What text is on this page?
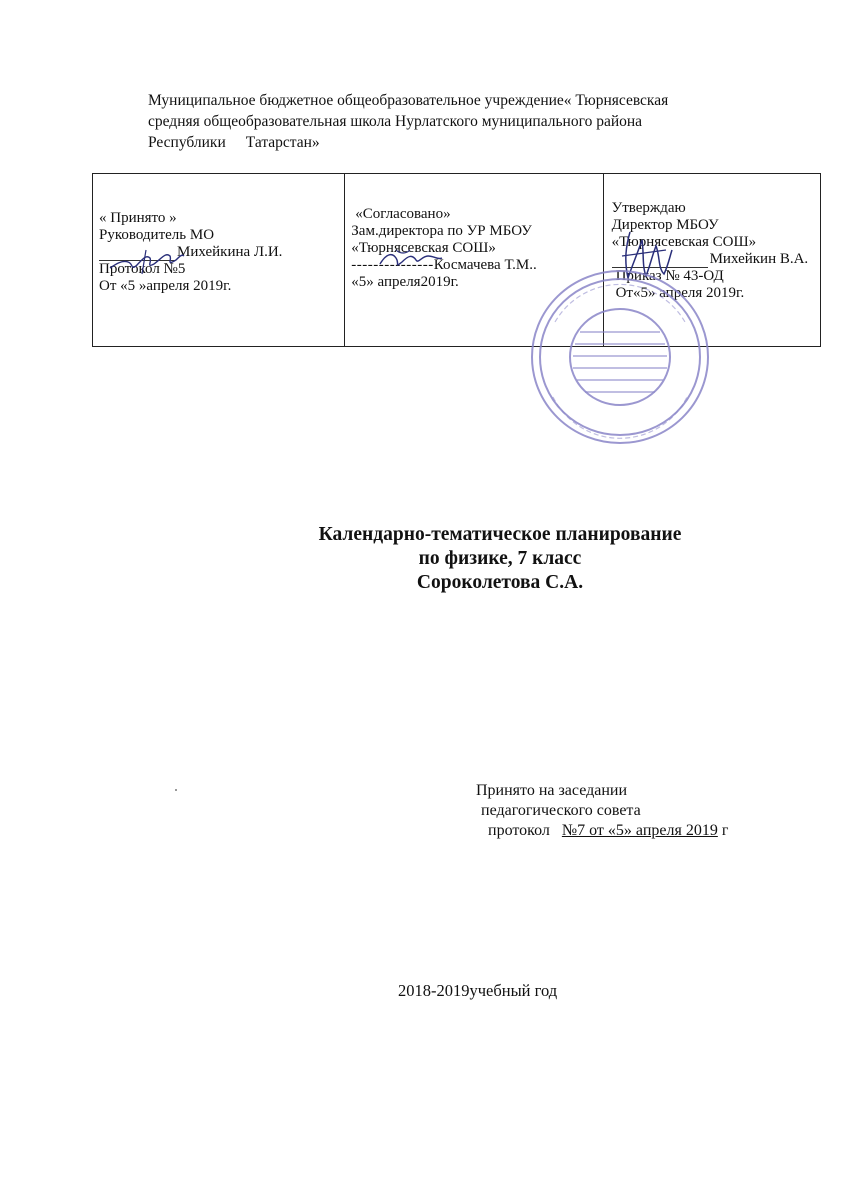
Муниципальное бюджетное общеобразовательное учреждение« Тюрнясевская
средняя общеобразовательная школа Нурлатского муниципального района
Республики Татарстан»
« Принято »
Руководитель МО
Михейкина Л.И.
Протокол №5
От «5 »апреля 2019г.
«Согласовано»
Зам.директора по УР МБОУ
«Тюрнясевская СОШ»
---------------Космачева Т.М..
«5» апреля2019г.
Утверждаю
Директор МБОУ
«Тюрнясевская СОШ»
Михейкин В.А.
Приказ № 43-ОД
От«5» апреля 2019г.
Календарно-тематическое планирование
по физике, 7 класс
Сороколетова С.А.
Принято на заседании
педагогического совета
протокол №7 от «5» апреля 2019 г
2018-2019учебный год
